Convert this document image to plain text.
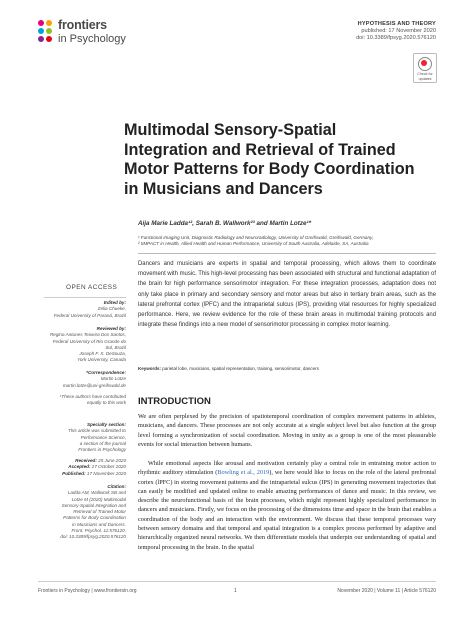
frontiers
in Psychology
HYPOTHESIS AND THEORY
published: 17 November 2020
doi: 10.3389/fpsyg.2020.576120
Check for
updates
Multimodal Sensory-Spatial Integration and Retrieval of Trained Motor Patterns for Body Coordination in Musicians and Dancers
Aija Marie Ladda¹², Sarah B. Wallwork²³ and Martin Lotze¹*
¹ Functional Imaging Unit, Diagnostic Radiology and Neuroradiology, University of Greifswald, Greifswald, Germany,
² IIMPACT in Health, Allied Health and Human Performance, University of South Australia, Adelaide, SA, Australia
Dancers and musicians are experts in spatial and temporal processing, which allows them to coordinate movement with music. This high-level processing has been associated with structural and functional adaptation of the brain for high performance sensorimotor integration. For these integration processes, adaptation does not only take place in primary and secondary sensory and motor areas but also in tertiary brain areas, such as the lateral prefrontal cortex (lPFC) and the intraparietal sulcus (IPS), providing vital resources for highly specialized performance. Here, we review evidence for the role of these brain areas in multimodal training protocols and integrate these findings into a new model of sensorimotor processing in complex motor learning.
Keywords: parietal lobe, musicians, spatial representation, training, sensorimotor, dancers
OPEN ACCESS
Edited by:
Zelia Chueke,
Federal University of Paraná, Brazil
Reviewed by:
Regina Antunes Teixeira Dos Santos,
Federal University of Rio Grande do
Sul, Brazil
Joseph F. X. DeSouza,
York University, Canada
*Correspondence:
Martin Lotze
martin.lotze@uni-greifswald.de
¹These authors have contributed
equally to this work
Specialty section:
This article was submitted to
Performance Science,
a section of the journal
Frontiers in Psychology
Received: 25 June 2020
Accepted: 27 October 2020
Published: 17 November 2020
Citation:
Ladda AM, Wallwork SB and
Lotze M (2020) Multimodal
Sensory-Spatial Integration and
Retrieval of Trained Motor
Patterns for Body Coordination
in Musicians and Dancers.
Front. Psychol. 11:576120.
doi: 10.3389/fpsyg.2020.576120
INTRODUCTION
We are often perplexed by the precision of spatiotemporal coordination of complex movement patterns in athletes, musicians, and dancers. These processes are not only accurate at a single subject level but also function at the group level forming a synchronization of social coordination. Moving in unity as a group is one of the most pleasurable events for social interaction between humans.
While emotional aspects like arousal and motivation certainly play a central role in entraining motor action to rhythmic auditory stimulation (Bowling et al., 2019), we here would like to focus on the role of the lateral prefrontal cortex (lPFC) in storing movement patterns and the intraparietal sulcus (IPS) in generating movement trajectories that can easily be modified and updated online to enable amazing performances of dance and music. In this review, we describe the neurofunctional basis of the brain processes, which might represent highly specialized performance in dancers and musicians. Firstly, we focus on the processing of the dimensions time and space in the brain that enables a coordination of the body and an interaction with the environment. We discuss that these temporal processes vary between sensory domains and that temporal and spatial integration is a complex process performed by adaptive and hierarchically organized neural networks. We then differentiate models that underpin our understanding of spatial and temporal processing in the brain. In the spatial
Frontiers in Psychology | www.frontiersin.org	1	November 2020 | Volume 11 | Article 576120
